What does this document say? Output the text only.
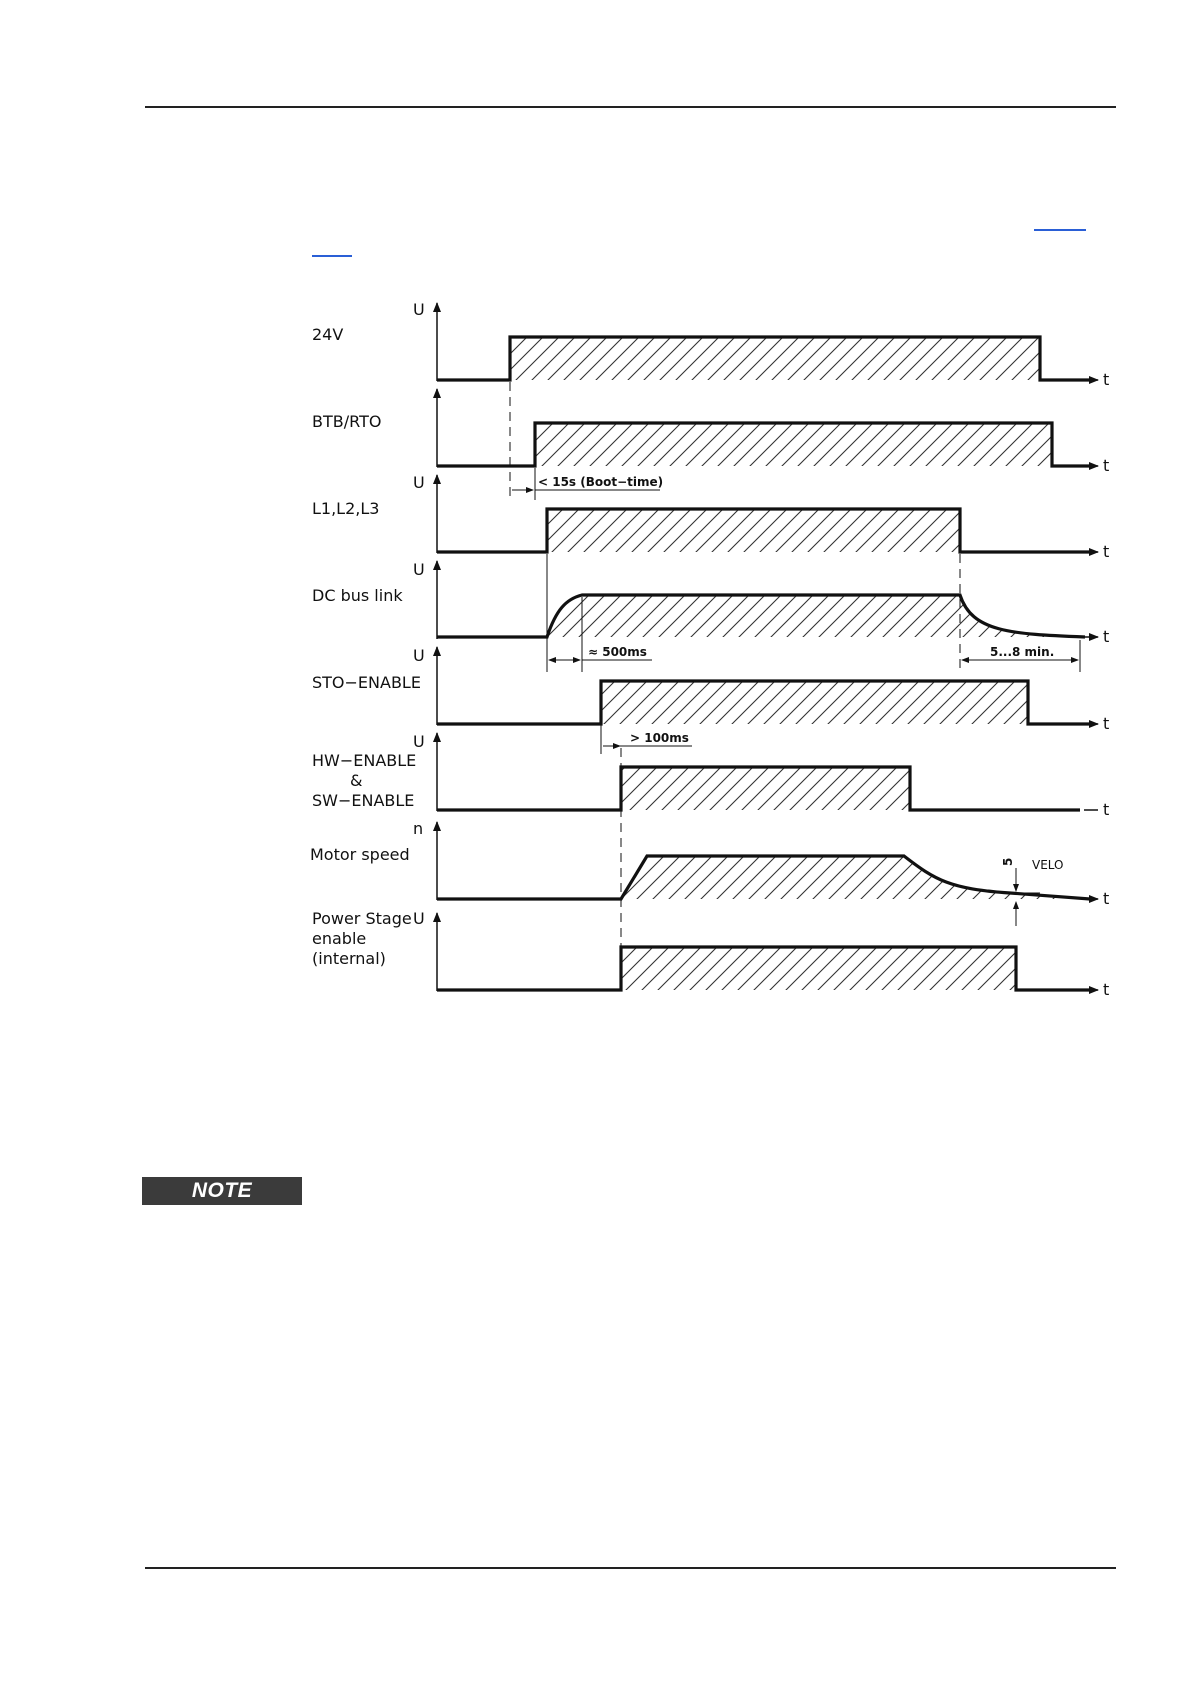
24V
U
t
BTB/RTO
t
< 15s (Boot−time)
L1,L2,L3
U
t
DC bus link
U
t
≈ 500ms	5...8 min.
STO−ENABLE
U
t
> 100ms
HW−ENABLE
&
SW−ENABLE
U
t
Motor speed
n
t
5 VELO
Power Stage
enable
(internal)
U
t
NOTE
